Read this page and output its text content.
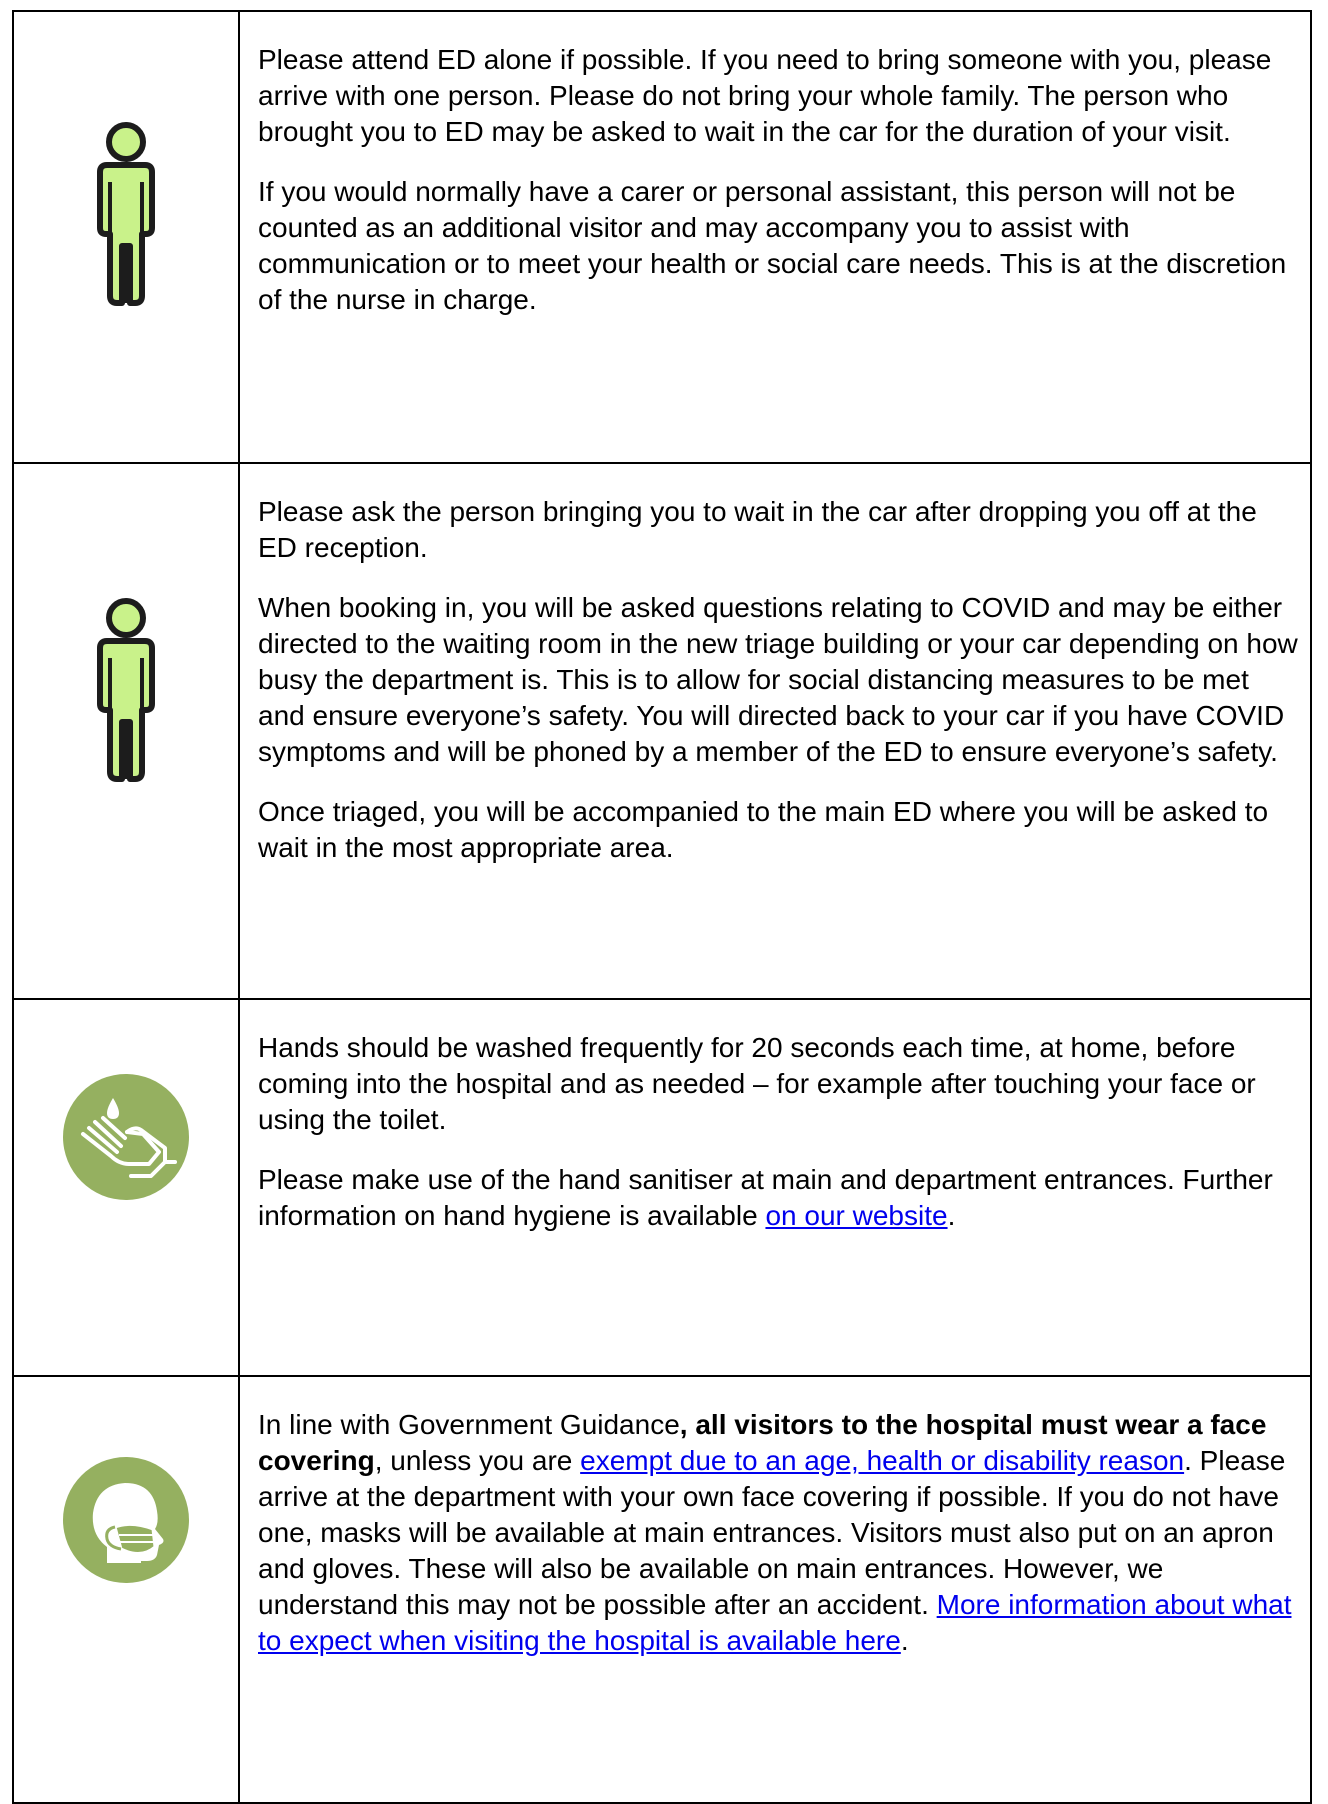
Please attend ED alone if possible. If you need to bring someone with you, please arrive with one person. Please do not bring your whole family. The person who brought you to ED may be asked to wait in the car for the duration of your visit.

If you would normally have a carer or personal assistant, this person will not be counted as an additional visitor and may accompany you to assist with communication or to meet your health or social care needs. This is at the discretion of the nurse in charge.

Please ask the person bringing you to wait in the car after dropping you off at the ED reception.

When booking in, you will be asked questions relating to COVID and may be either directed to the waiting room in the new triage building or your car depending on how busy the department is. This is to allow for social distancing measures to be met and ensure everyone’s safety. You will directed back to your car if you have COVID symptoms and will be phoned by a member of the ED to ensure everyone’s safety.

Once triaged, you will be accompanied to the main ED where you will be asked to wait in the most appropriate area.

Hands should be washed frequently for 20 seconds each time, at home, before coming into the hospital and as needed – for example after touching your face or using the toilet.

Please make use of the hand sanitiser at main and department entrances. Further information on hand hygiene is available on our website.

In line with Government Guidance, all visitors to the hospital must wear a face covering, unless you are exempt due to an age, health or disability reason. Please arrive at the department with your own face covering if possible. If you do not have one, masks will be available at main entrances. Visitors must also put on an apron and gloves. These will also be available on main entrances. However, we understand this may not be possible after an accident. More information about what to expect when visiting the hospital is available here.
